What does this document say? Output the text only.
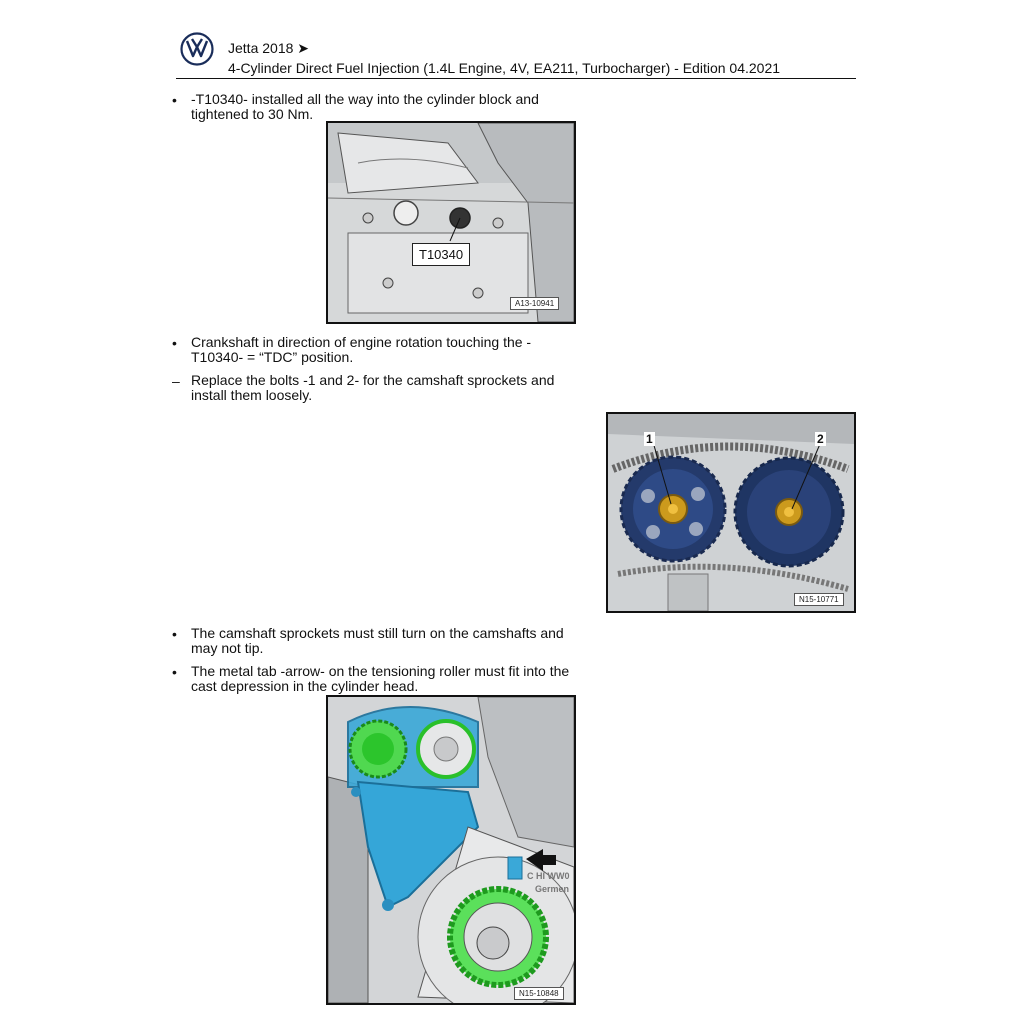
Jetta 2018 ➤
4-Cylinder Direct Fuel Injection (1.4L Engine, 4V, EA211, Turbocharger) - Edition 04.2021
•	-T10340- installed all the way into the cylinder block and tightened to 30 Nm.
T10340
A13-10941
•	Crankshaft in direction of engine rotation touching the -T10340- = “TDC” position.
– Replace the bolts -1 and 2- for the camshaft sprockets and install them loosely.
1	2
N15-10771
•	The camshaft sprockets must still turn on the camshafts and may not tip.
•	The metal tab -arrow- on the tensioning roller must fit into the cast depression in the cylinder head.
C HI WW0
Germen
N15-10848
